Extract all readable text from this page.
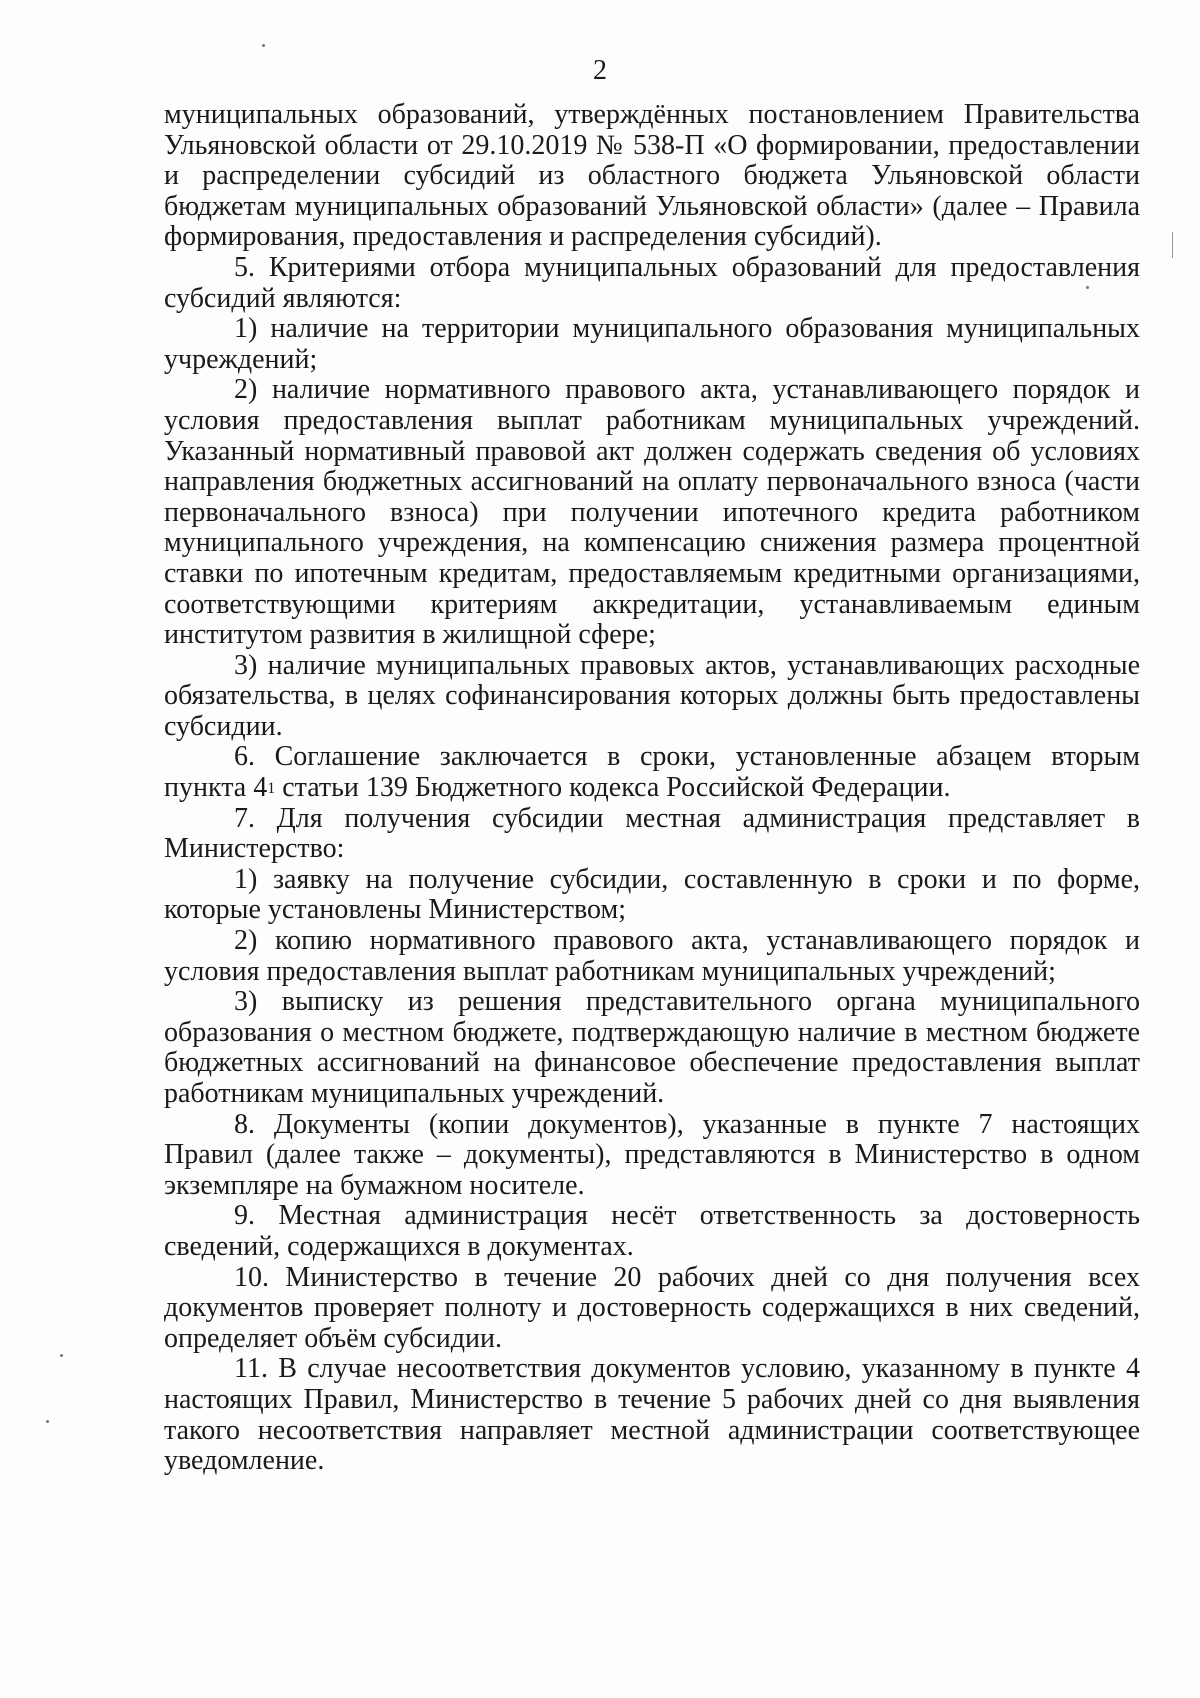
2

муниципальных образований, утверждённых постановлением Правительства Ульяновской области от 29.10.2019 № 538-П «О формировании, предоставлении и распределении субсидий из областного бюджета Ульяновской области бюджетам муниципальных образований Ульяновской области» (далее – Правила формирования, предоставления и распределения субсидий).

5. Критериями отбора муниципальных образований для предоставления субсидий являются:

1) наличие на территории муниципального образования муниципальных учреждений;

2) наличие нормативного правового акта, устанавливающего порядок и условия предоставления выплат работникам муниципальных учреждений. Указанный нормативный правовой акт должен содержать сведения об условиях направления бюджетных ассигнований на оплату первоначального взноса (части первоначального взноса) при получении ипотечного кредита работником муниципального учреждения, на компенсацию снижения размера процентной ставки по ипотечным кредитам, предоставляемым кредитными организациями, соответствующими критериям аккредитации, устанавливаемым единым институтом развития в жилищной сфере;

3) наличие муниципальных правовых актов, устанавливающих расходные обязательства, в целях софинансирования которых должны быть предоставлены субсидии.

6. Соглашение заключается в сроки, установленные абзацем вторым пункта $4^1$ статьи 139 Бюджетного кодекса Российской Федерации.

7. Для получения субсидии местная администрация представляет в Министерство:

1) заявку на получение субсидии, составленную в сроки и по форме, которые установлены Министерством;

2) копию нормативного правового акта, устанавливающего порядок и условия предоставления выплат работникам муниципальных учреждений;

3) выписку из решения представительного органа муниципального образования о местном бюджете, подтверждающую наличие в местном бюджете бюджетных ассигнований на финансовое обеспечение предоставления выплат работникам муниципальных учреждений.

8. Документы (копии документов), указанные в пункте 7 настоящих Правил (далее также – документы), представляются в Министерство в одном экземпляре на бумажном носителе.

9. Местная администрация несёт ответственность за достоверность сведений, содержащихся в документах.

10. Министерство в течение 20 рабочих дней со дня получения всех документов проверяет полноту и достоверность содержащихся в них сведений, определяет объём субсидии.

11. В случае несоответствия документов условию, указанному в пункте 4 настоящих Правил, Министерство в течение 5 рабочих дней со дня выявления такого несоответствия направляет местной администрации соответствующее уведомление.
